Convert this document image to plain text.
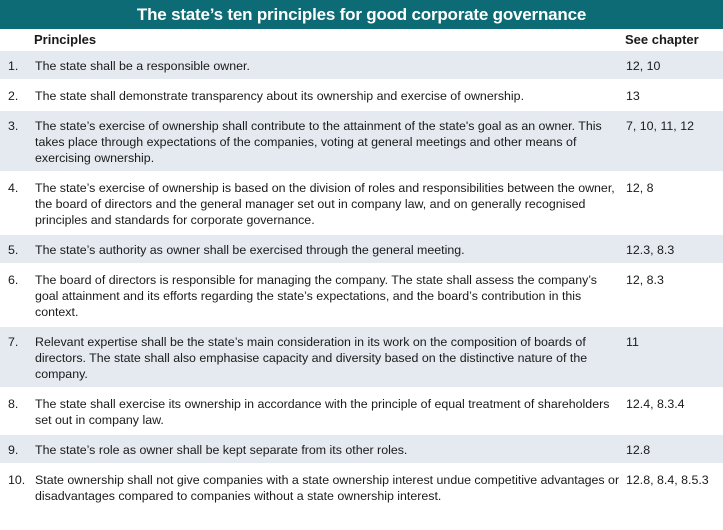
The state’s ten principles for good corporate governance
Principles	See chapter
1.	The state shall be a responsible owner.	12, 10
2.	The state shall demonstrate transparency about its ownership and exercise of ownership.	13
3.	The state’s exercise of ownership shall contribute to the attainment of the state's goal as an owner. This takes place through expectations of the companies, voting at general meetings and other means of exercising ownership.	7, 10, 11, 12
4.	The state’s exercise of ownership is based on the division of roles and responsibilities between the owner, the board of directors and the general manager set out in company law, and on generally recognised principles and standards for corporate governance.	12, 8
5.	The state’s authority as owner shall be exercised through the general meeting.	12.3, 8.3
6.	The board of directors is responsible for managing the company. The state shall assess the company’s goal attainment and its efforts regarding the state’s expectations, and the board’s contribution in this context.	12, 8.3
7.	Relevant expertise shall be the state’s main consideration in its work on the composition of boards of directors. The state shall also emphasise capacity and diversity based on the distinctive nature of the company.	11
8.	The state shall exercise its ownership in accordance with the principle of equal treatment of shareholders set out in company law.	12.4, 8.3.4
9.	The state’s role as owner shall be kept separate from its other roles.	12.8
10.	State ownership shall not give companies with a state ownership interest undue competitive advantages or disadvantages compared to companies without a state ownership interest.	12.8, 8.4, 8.5.3
